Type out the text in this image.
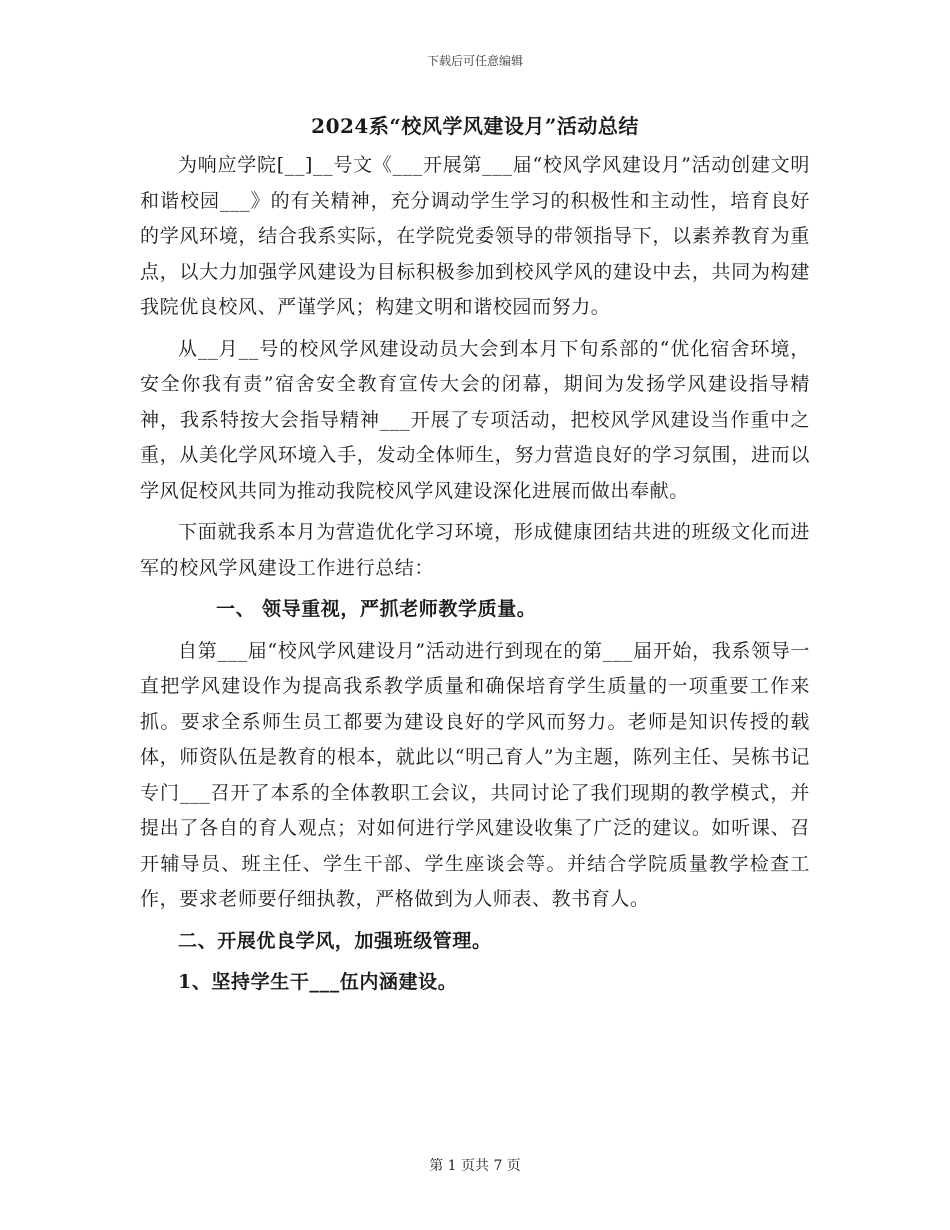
下载后可任意编辑
2024系“校风学风建设月”活动总结

为响应学院[__]__号文《___开展第___届“校风学风建设月”活动创建文明和谐校园___》的有关精神，充分调动学生学习的积极性和主动性，培育良好的学风环境，结合我系实际，在学院党委领导的带领指导下，以素养教育为重点，以大力加强学风建设为目标积极参加到校风学风的建设中去，共同为构建我院优良校风、严谨学风；构建文明和谐校园而努力。

从__月__号的校风学风建设动员大会到本月下旬系部的“优化宿舍环境，安全你我有责”宿舍安全教育宣传大会的闭幕，期间为发扬学风建设指导精神，我系特按大会指导精神___开展了专项活动，把校风学风建设当作重中之重，从美化学风环境入手，发动全体师生，努力营造良好的学习氛围，进而以学风促校风共同为推动我院校风学风建设深化进展而做出奉献。

下面就我系本月为营造优化学习环境，形成健康团结共进的班级文化而进军的校风学风建设工作进行总结：

一、 领导重视，严抓老师教学质量。

自第___届“校风学风建设月”活动进行到现在的第___届开始，我系领导一直把学风建设作为提高我系教学质量和确保培育学生质量的一项重要工作来抓。要求全系师生员工都要为建设良好的学风而努力。老师是知识传授的载体，师资队伍是教育的根本，就此以“明己育人”为主题，陈列主任、吴栋书记专门___召开了本系的全体教职工会议，共同讨论了我们现期的教学模式，并提出了各自的育人观点；对如何进行学风建设收集了广泛的建议。如听课、召开辅导员、班主任、学生干部、学生座谈会等。并结合学院质量教学检查工作，要求老师要仔细执教，严格做到为人师表、教书育人。

二、开展优良学风，加强班级管理。

1、坚持学生干___伍内涵建设。

第 1 页共 7 页
